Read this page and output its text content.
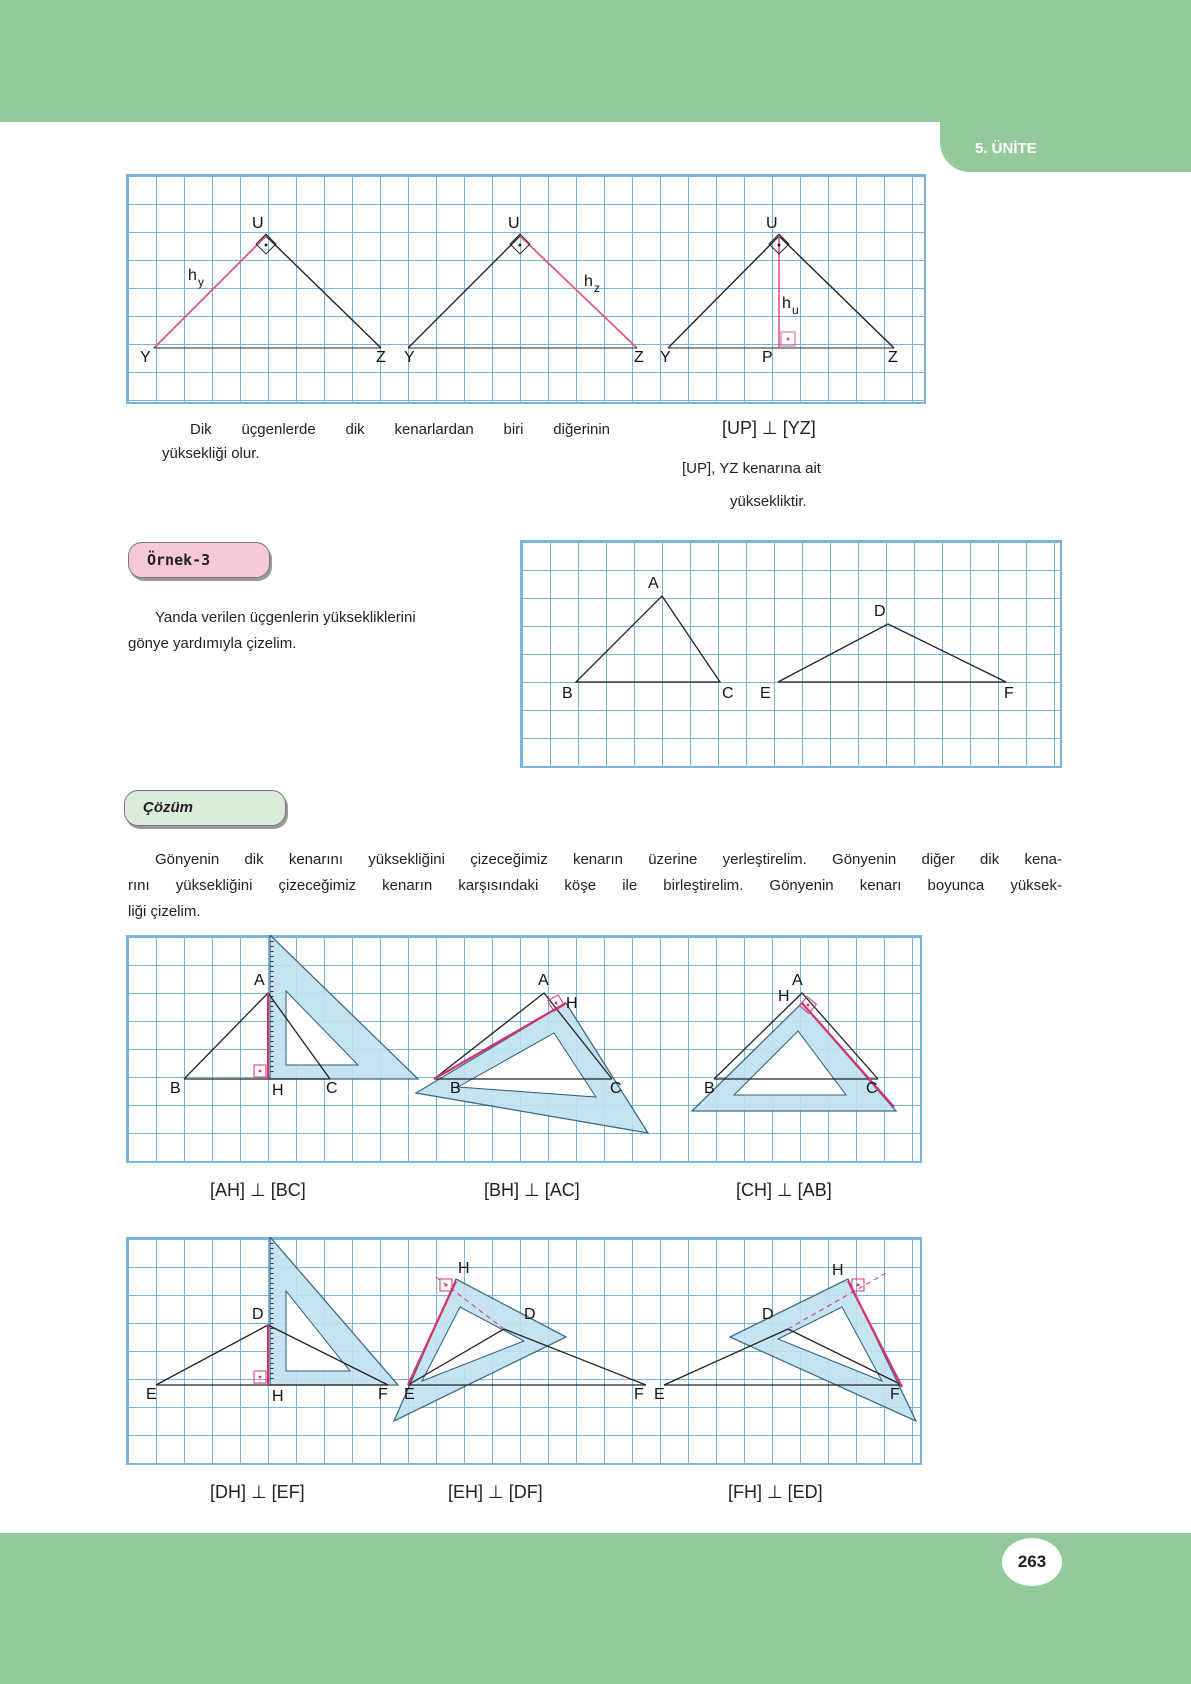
5. ÜNİTE
U
Y	Z
h y
U
Y	Z
h z
U
Y	Z
P
h u
Dik üçgenlerde dik kenarlardan biri diğerinin
yüksekliği olur.
[UP] ⊥ [YZ]
[UP], YZ kenarına ait
yüksekliktir.
Örnek-3
Yanda verilen üçgenlerin yüksekliklerini
gönye yardımıyla çizelim.
A
B	C
D
E	F
Çözüm
Gönyenin dik kenarını yüksekliğini çizeceğimiz kenarın üzerine yerleştirelim. Gönyenin diğer dik kena-
rını yüksekliğini çizeceğimiz kenarın karşısındaki köşe ile birleştirelim. Gönyenin kenarı boyunca yüksek-
liği çizelim.
A
B	H	C
A
H
B	C
A
H
B	C
[AH] ⊥ [BC]	[BH] ⊥ [AC]	[CH] ⊥ [AB]
D
E	H	F
H
D
E	F
H
D
E	F
[DH] ⊥ [EF]	[EH] ⊥ [DF]	[FH] ⊥ [ED]
263
